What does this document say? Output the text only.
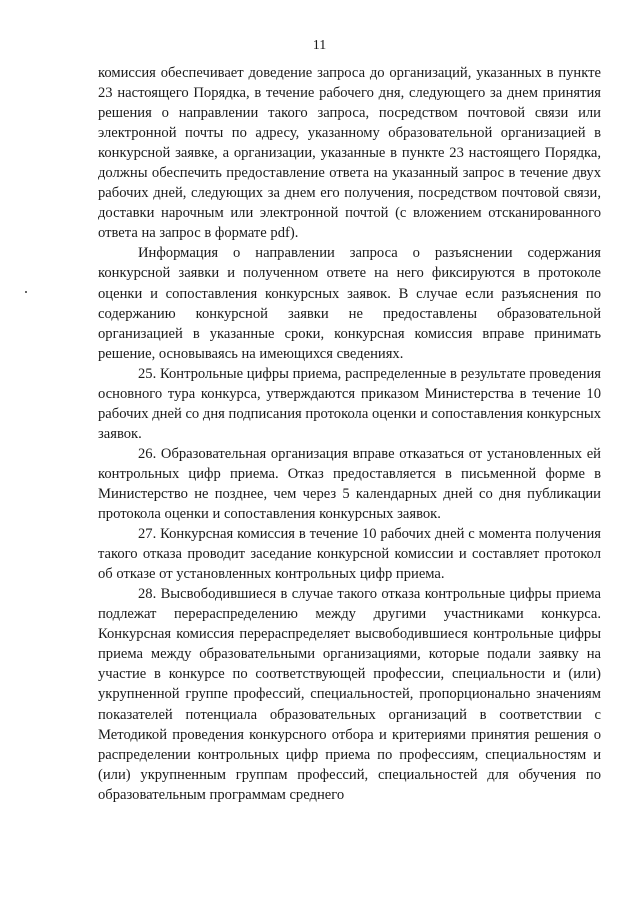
11

комиссия обеспечивает доведение запроса до организаций, указанных в пункте 23 настоящего Порядка, в течение рабочего дня, следующего за днем принятия решения о направлении такого запроса, посредством почтовой связи или электронной почты по адресу, указанному образовательной организацией в конкурсной заявке, а организации, указанные в пункте 23 настоящего Порядка, должны обеспечить предоставление ответа на указанный запрос в течение двух рабочих дней, следующих за днем его получения, посредством почтовой связи, доставки нарочным или электронной почтой (с вложением отсканированного ответа на запрос в формате pdf).

Информация о направлении запроса о разъяснении содержания конкурсной заявки и полученном ответе на него фиксируются в протоколе оценки и сопоставления конкурсных заявок. В случае если разъяснения по содержанию конкурсной заявки не предоставлены образовательной организацией в указанные сроки, конкурсная комиссия вправе принимать решение, основываясь на имеющихся сведениях.

25. Контрольные цифры приема, распределенные в результате проведения основного тура конкурса, утверждаются приказом Министерства в течение 10 рабочих дней со дня подписания протокола оценки и сопоставления конкурсных заявок.

26. Образовательная организация вправе отказаться от установленных ей контрольных цифр приема. Отказ предоставляется в письменной форме в Министерство не позднее, чем через 5 календарных дней со дня публикации протокола оценки и сопоставления конкурсных заявок.

27. Конкурсная комиссия в течение 10 рабочих дней с момента получения такого отказа проводит заседание конкурсной комиссии и составляет протокол об отказе от установленных контрольных цифр приема.

28. Высвободившиеся в случае такого отказа контрольные цифры приема подлежат перераспределению между другими участниками конкурса. Конкурсная комиссия перераспределяет высвободившиеся контрольные цифры приема между образовательными организациями, которые подали заявку на участие в конкурсе по соответствующей профессии, специальности и (или) укрупненной группе профессий, специальностей, пропорционально значениям показателей потенциала образовательных организаций в соответствии с Методикой проведения конкурсного отбора и критериями принятия решения о распределении контрольных цифр приема по профессиям, специальностям и (или) укрупненным группам профессий, специальностей для обучения по образовательным программам среднего
